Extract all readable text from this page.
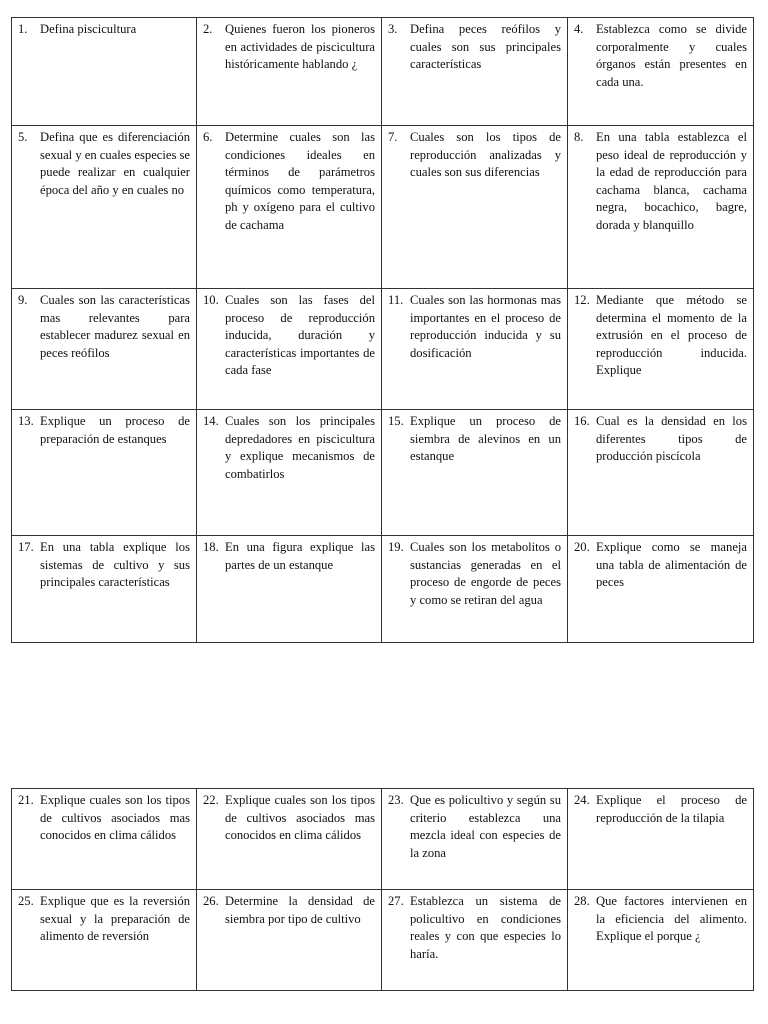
1. Defina piscicultura	2. Quienes fueron los pioneros en actividades de piscicultura históricamente hablando ¿	3. Defina peces reófilos y cuales son sus principales características	4. Establezca como se divide corporalmente y cuales órganos están presentes en cada una.

5. Defina que es diferenciación sexual y en cuales especies se puede realizar en cualquier época del año y en cuales no	6. Determine cuales son las condiciones ideales en términos de parámetros químicos como temperatura, ph y oxígeno para el cultivo de cachama	7. Cuales son los tipos de reproducción analizadas y cuales son sus diferencias	8. En una tabla establezca el peso ideal de reproducción y la edad de reproducción para cachama blanca, cachama negra, bocachico, bagre, dorada y blanquillo

9. Cuales son las características mas relevantes para establecer madurez sexual en peces reófilos	10. Cuales son las fases del proceso de reproducción inducida, duración y características importantes de cada fase	11. Cuales son las hormonas mas importantes en el proceso de reproducción inducida y su dosificación	12. Mediante que método se determina el momento de la extrusión en el proceso de reproducción inducida. Explique

13. Explique un proceso de preparación de estanques	14. Cuales son los principales depredadores en piscicultura y explique mecanismos de combatirlos	15. Explique un proceso de siembra de alevinos en un estanque	16. Cual es la densidad en los diferentes tipos de producción piscícola

17. En una tabla explique los sistemas de cultivo y sus principales características	18. En una figura explique las partes de un estanque	19. Cuales son los metabolitos o sustancias generadas en el proceso de engorde de peces y como se retiran del agua	20. Explique como se maneja una tabla de alimentación de peces
21. Explique cuales son los tipos de cultivos asociados mas conocidos en clima cálidos	22. Explique cuales son los tipos de cultivos asociados mas conocidos en clima cálidos	23. Que es policultivo y según su criterio establezca una mezcla ideal con especies de la zona	24. Explique el proceso de reproducción de la tilapia

25. Explique que es la reversión sexual y la preparación de alimento de reversión	26. Determine la densidad de siembra por tipo de cultivo	27. Establezca un sistema de policultivo en condiciones reales y con que especies lo haría.	28. Que factores intervienen en la eficiencia del alimento. Explique el porque ¿
